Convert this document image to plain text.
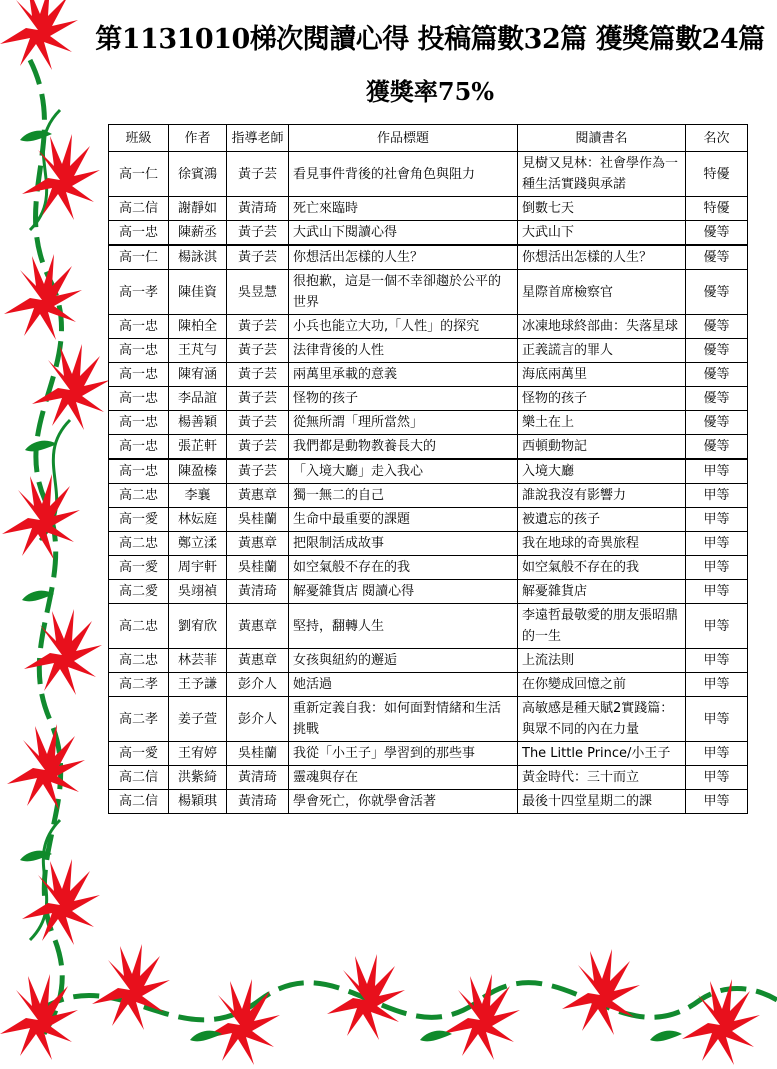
第1131010梯次閱讀心得 投稿篇數32篇 獲獎篇數24篇
獲獎率75%
班級	作者	指導老師	作品標題	閱讀書名	名次
高一仁	徐賓鴻	黃子芸	看見事件背後的社會角色與阻力	見樹又見林：社會學作為一種生活實踐與承諾	特優
高二信	謝靜如	黃清琦	死亡來臨時	倒數七天	特優
高一忠	陳薪丞	黃子芸	大武山下閱讀心得	大武山下	優等
高一仁	楊詠淇	黃子芸	你想活出怎樣的人生？	你想活出怎樣的人生？	優等
高一孝	陳佳資	吳昱慧	很抱歉，這是一個不幸卻趨於公平的世界	星際首席檢察官	優等
高一忠	陳柏全	黃子芸	小兵也能立大功,「人性」的探究	冰凍地球終部曲：失落星球	優等
高一忠	王芃勻	黃子芸	法律背後的人性	正義謊言的罪人	優等
高一忠	陳宥涵	黃子芸	兩萬里承載的意義	海底兩萬里	優等
高一忠	李品誼	黃子芸	怪物的孩子	怪物的孩子	優等
高一忠	楊善穎	黃子芸	從無所謂「理所當然」	樂土在上	優等
高一忠	張芷軒	黃子芸	我們都是動物教養長大的	西頓動物記	優等
高一忠	陳盈榛	黃子芸	「入境大廳」走入我心	入境大廳	甲等
高二忠	李襄	黃惠章	獨一無二的自己	誰說我沒有影響力	甲等
高一愛	林妘庭	吳桂蘭	生命中最重要的課題	被遺忘的孩子	甲等
高二忠	鄭立渘	黃惠章	把限制活成故事	我在地球的奇異旅程	甲等
高一愛	周宇軒	吳桂蘭	如空氣般不存在的我	如空氣般不存在的我	甲等
高二愛	吳翊禎	黃清琦	解憂雜貨店 閱讀心得	解憂雜貨店	甲等
高二忠	劉宥欣	黃惠章	堅持，翻轉人生	李遠哲最敬愛的朋友張昭鼎的一生	甲等
高二忠	林芸菲	黃惠章	女孩與紐約的邂逅	上流法則	甲等
高二孝	王予謙	彭介人	她活過	在你變成回憶之前	甲等
高二孝	姜子萱	彭介人	重新定義自我：如何面對情緒和生活挑戰	高敏感是種天賦2實踐篇：與眾不同的內在力量	甲等
高一愛	王宥婷	吳桂蘭	我從「小王子」學習到的那些事	The Little Prince/小王子	甲等
高二信	洪紫綺	黃清琦	靈魂與存在	黃金時代：三十而立	甲等
高二信	楊穎琪	黃清琦	學會死亡，你就學會活著	最後十四堂星期二的課	甲等
